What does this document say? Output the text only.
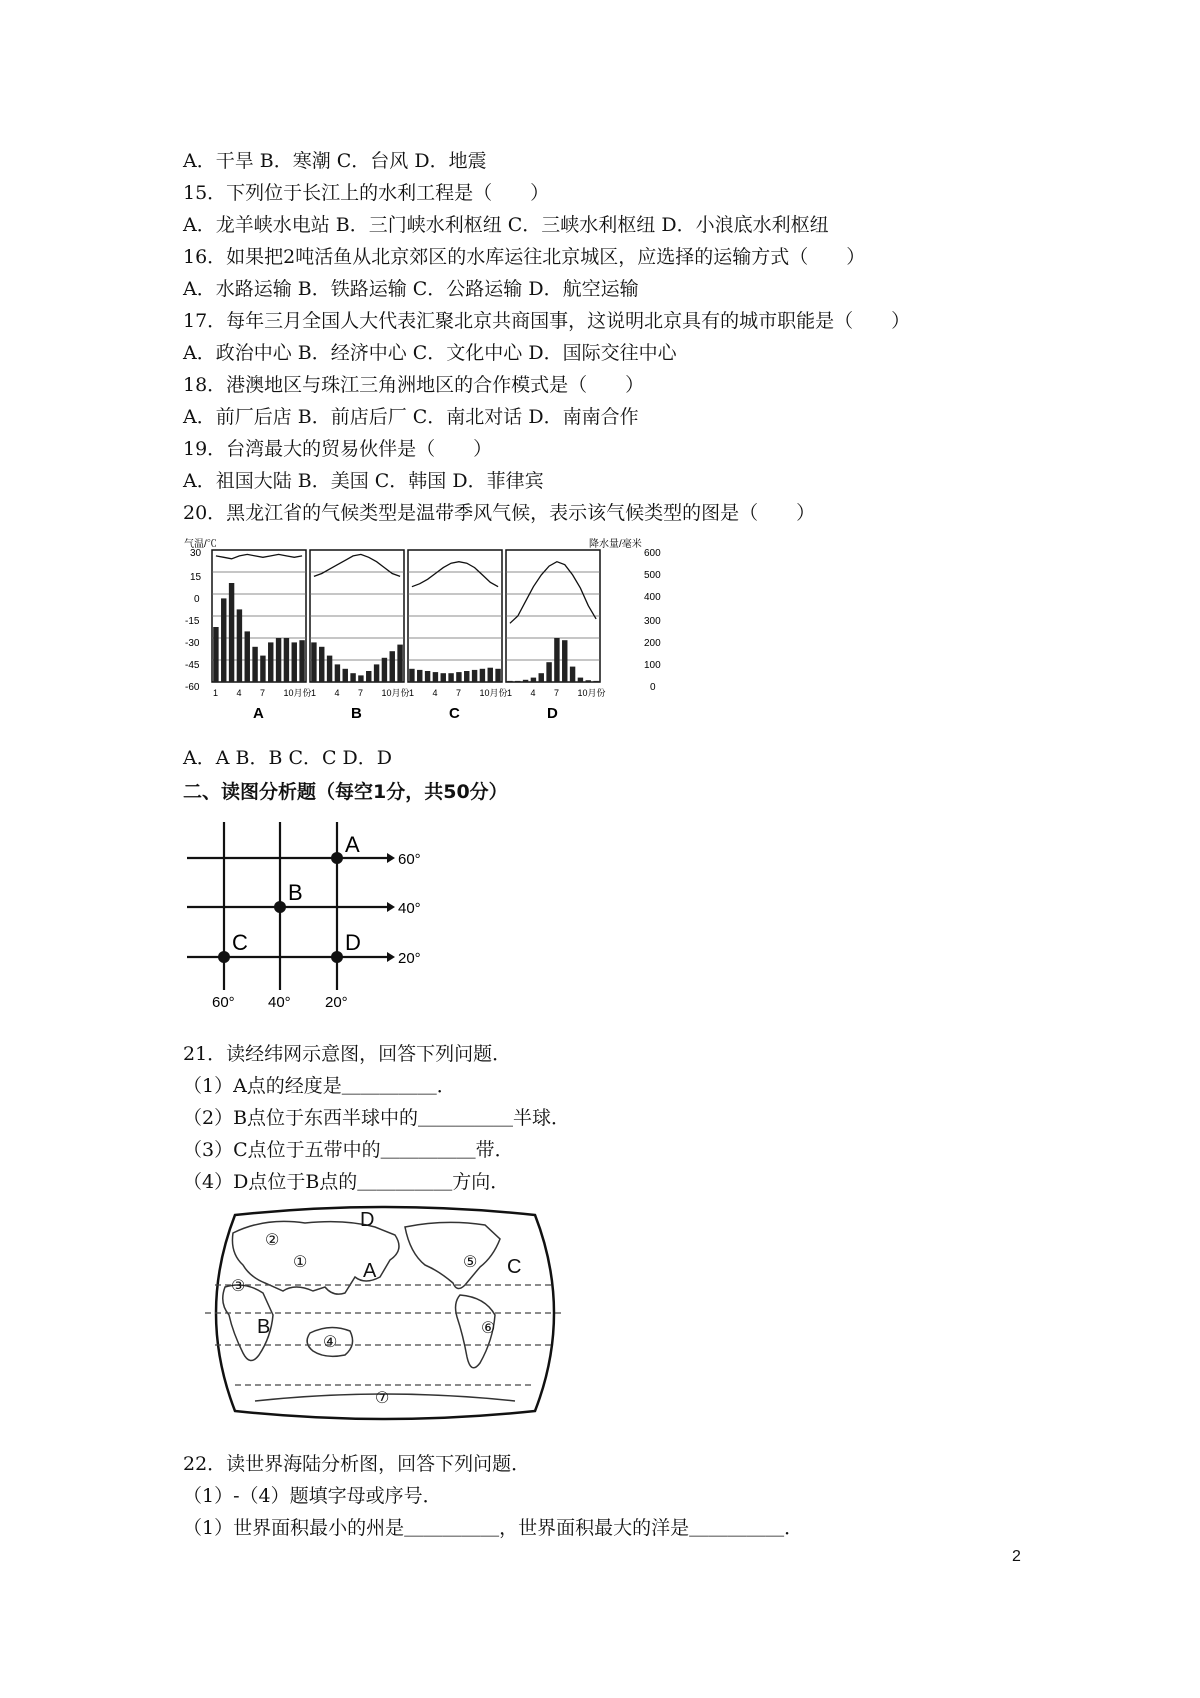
A．干旱 B．寒潮 C．台风 D．地震
15．下列位于长江上的水利工程是（　　）
A．龙羊峡水电站 B．三门峡水利枢纽 C．三峡水利枢纽 D．小浪底水利枢纽
16．如果把2吨活鱼从北京郊区的水库运往北京城区，应选择的运输方式（　　）
A．水路运输 B．铁路运输 C．公路运输 D．航空运输
17．每年三月全国人大代表汇聚北京共商国事，这说明北京具有的城市职能是（　　）
A．政治中心 B．经济中心 C．文化中心 D．国际交往中心
18．港澳地区与珠江三角洲地区的合作模式是（　　）
A．前厂后店 B．前店后厂 C．南北对话 D．南南合作
19．台湾最大的贸易伙伴是（　　）
A．祖国大陆 B．美国 C．韩国 D．菲律宾
20．黑龙江省的气候类型是温带季风气候，表示该气候类型的图是（　　）
气温/℃	降水量/毫米
30
15
0
-15
-30
-45
-60
600
500
400
300
200
100
0
1 4 7 10月份
A
1 4 7 10月份
B
1 4 7 10月份
C
1 4 7 10月份
D
A．A B．B C．C D．D
二、读图分析题（每空1分，共50分）
A
B
C	D
60°
40°
20°
60° 40° 20°
21．读经纬网示意图，回答下列问题．
（1）A点的经度是＿＿＿＿＿．
（2）B点位于东西半球中的＿＿＿＿＿半球．
（3）C点位于五带中的＿＿＿＿＿带．
（4）D点位于B点的＿＿＿＿＿方向．
A
B
C
D
①
②
③
④
⑤
⑥
⑦
22．读世界海陆分析图，回答下列问题．
（1）-（4）题填字母或序号．
（1）世界面积最小的州是＿＿＿＿＿，世界面积最大的洋是＿＿＿＿＿．
2
